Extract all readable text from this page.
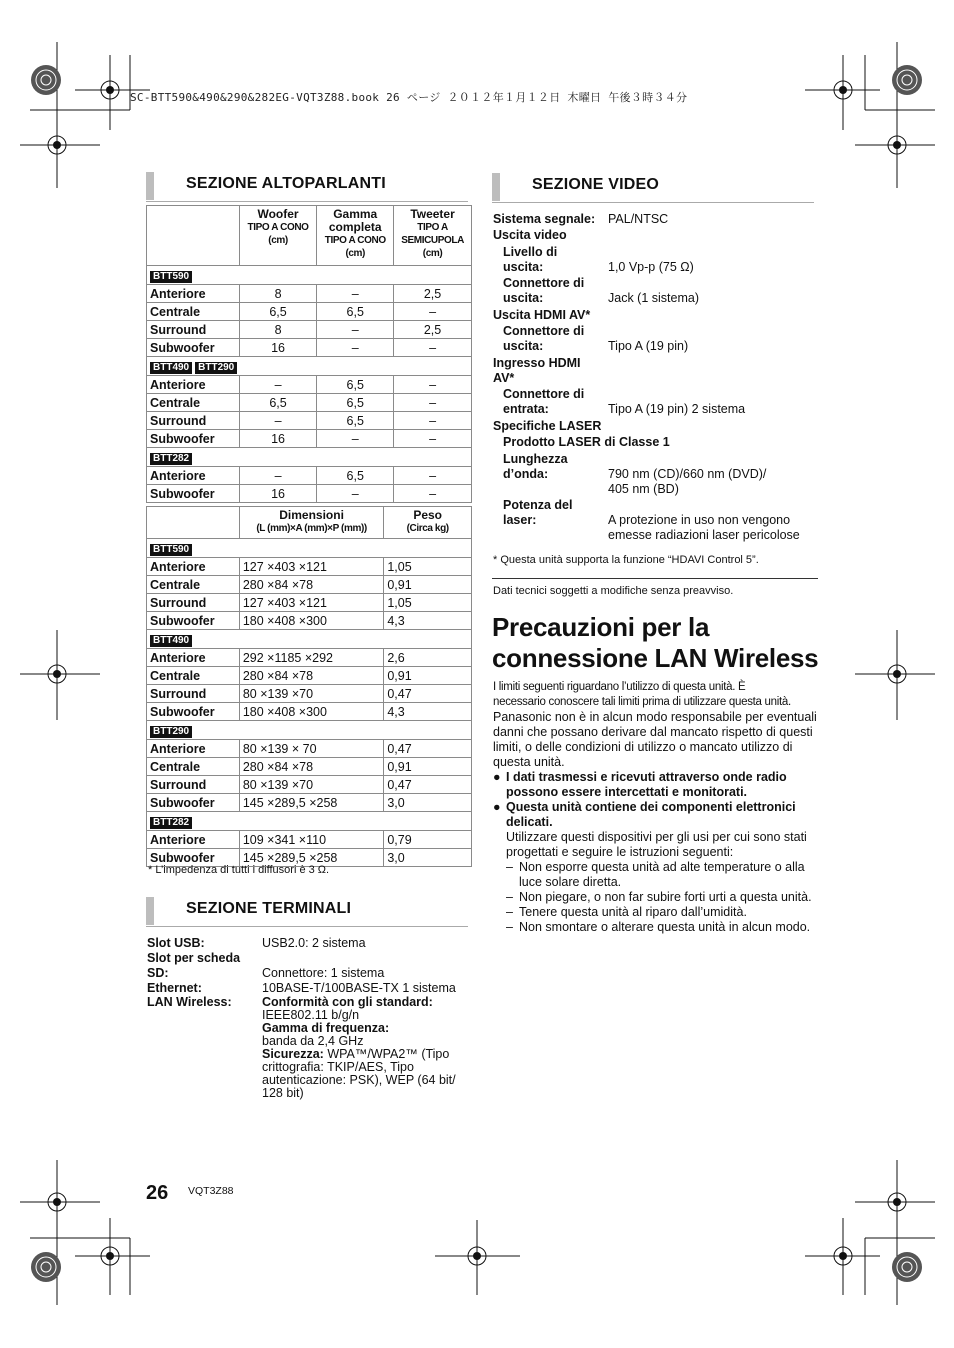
SC-BTT590&490&290&282EG-VQT3Z88.book 26 ページ ２０１２年１月１２日 木曜日 午後３時３４分
SEZIONE ALTOPARLANTI
	Woofer
TIPO A CONO
(cm)	Gamma completa
TIPO A CONO
(cm)	Tweeter
TIPO A SEMICUPOLA
(cm)

BTT590			
Anteriore	8	–	2,5
Centrale	6,5	6,5	–
Surround	8	–	2,5
Subwoofer	16	–	–
BTT490 BTT290			
Anteriore	–	6,5	–
Centrale	6,5	6,5	–
Surround	–	6,5	–
Subwoofer	16	–	–
BTT282			
Anteriore	–	6,5	–
Subwoofer	16	–	–
	Dimensioni
(L (mm)×A (mm)×P (mm))	Peso
(Circa kg)

BTT590		
Anteriore	127 ×403 ×121	1,05
Centrale	280 ×84 ×78	0,91
Surround	127 ×403 ×121	1,05
Subwoofer	180 ×408 ×300	4,3
BTT490		
Anteriore	292 ×1185 ×292	2,6
Centrale	280 ×84 ×78	0,91
Surround	80 ×139 ×70	0,47
Subwoofer	180 ×408 ×300	4,3
BTT290		
Anteriore	80 ×139 × 70	0,47
Centrale	280 ×84 ×78	0,91
Surround	80 ×139 ×70	0,47
Subwoofer	145 ×289,5 ×258	3,0
BTT282		
Anteriore	109 ×341 ×110	0,79
Subwoofer	145 ×289,5 ×258	3,0
* L’impedenza di tutti i diffusori è 3 Ω.
SEZIONE TERMINALI
Slot USB:	USB2.0: 2 sistema
Slot per scheda
SD:	Connettore: 1 sistema
Ethernet:	10BASE-T/100BASE-TX 1 sistema
LAN Wireless: Conformità con gli standard:
IEEE802.11 b/g/n
Gamma di frequenza:
banda da 2,4 GHz
Sicurezza: WPA™/WPA2™ (Tipo
crittografia: TKIP/AES, Tipo
autenticazione: PSK), WEP (64 bit/
128 bit)
SEZIONE VIDEO
Sistema segnale: PAL/NTSC
Uscita video
Livello di
uscita:	1,0 Vp-p (75 Ω)
Connettore di
uscita:	Jack (1 sistema)
Uscita HDMI AV*
Connettore di
uscita:	Tipo A (19 pin)
Ingresso HDMI
AV*
Connettore di
entrata:	Tipo A (19 pin) 2 sistema
Specifiche LASER
Prodotto LASER di Classe 1
Lunghezza
d’onda:	790 nm (CD)/660 nm (DVD)/
405 nm (BD)
Potenza del
laser:	A protezione in uso non vengono
emesse radiazioni laser pericolose
* Questa unità supporta la funzione “HDAVI Control 5”.
Dati tecnici soggetti a modifiche senza preavviso.
Precauzioni per la
connessione LAN Wireless

I limiti seguenti riguardano l’utilizzo di questa unità. È

necessario conoscere tali limiti prima di utilizzare questa unità.

Panasonic non è in alcun modo responsabile per eventuali danni che possano derivare dal mancato rispetto di questi limiti, o delle condizioni di utilizzo o mancato utilizzo di questa unità.

● I dati trasmessi e ricevuti attraverso onde radio possono essere intercettati e monitorati.

● Questa unità contiene dei componenti elettronici delicati.

Utilizzare questi dispositivi per gli usi per cui sono stati progettati e seguire le istruzioni seguenti:

– Non esporre questa unità ad alte temperature o alla luce solare diretta.

– Non piegare, o non far subire forti urti a questa unità.

– Tenere questa unità al riparo dall’umidità.

– Non smontare o alterare questa unità in alcun modo.

26 VQT3Z88
